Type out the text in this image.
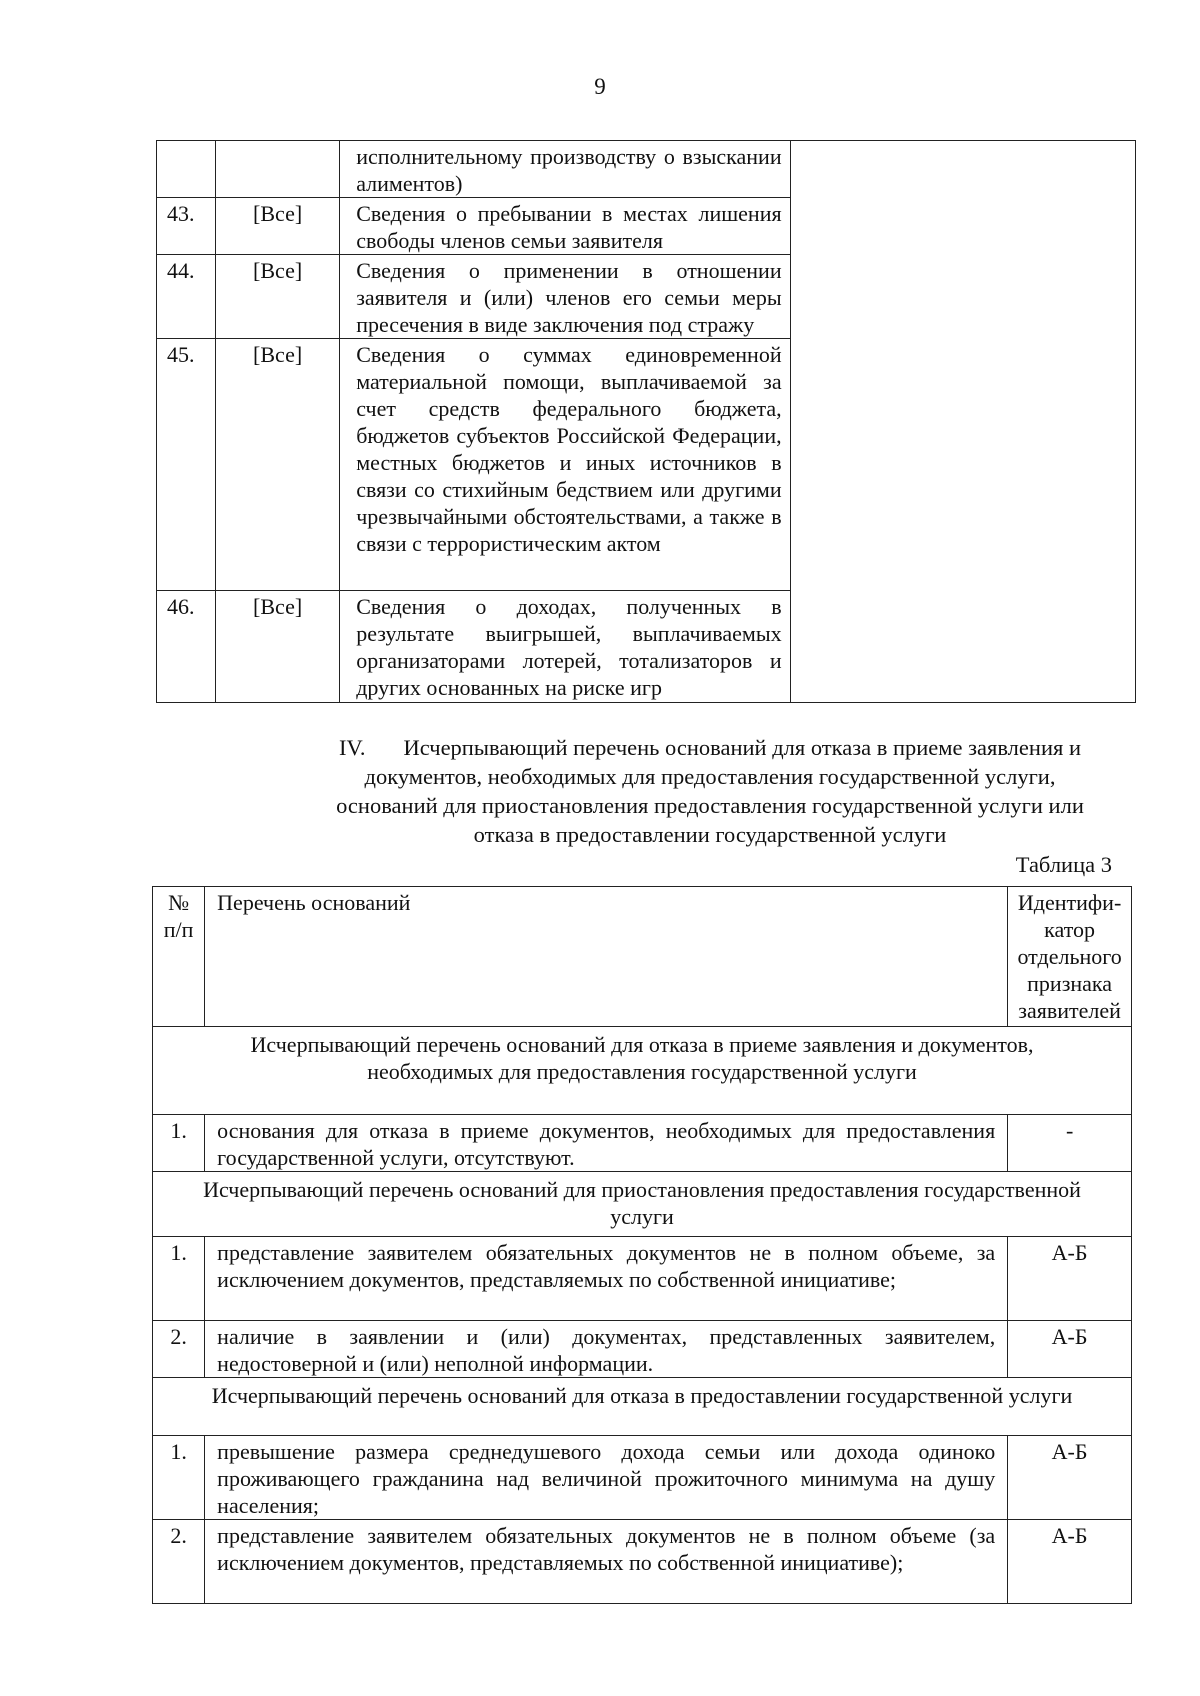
9
		исполнительному производству о взыскании алиментов)	
43.	[Все]	Сведения о пребывании в местах лишения свободы членов семьи заявителя	
44.	[Все]	Сведения о применении в отношении заявителя и (или) членов его семьи меры пресечения в виде заключения под стражу	
45.	[Все]	Сведения о суммах единовременной материальной помощи, выплачиваемой за счет средств федерального бюджета, бюджетов субъектов Российской Федерации, местных бюджетов и иных источников в связи со стихийным бедствием или другими чрезвычайными обстоятельствами, а также в связи с террористическим актом	
46.	[Все]	Сведения о доходах, полученных в результате выигрышей, выплачиваемых организаторами лотерей, тотализаторов и других основанных на риске игр	
IV. Исчерпывающий перечень оснований для отказа в приеме заявления и
документов, необходимых для предоставления государственной услуги,
оснований для приостановления предоставления государственной услуги или
отказа в предоставлении государственной услуги
Таблица 3
№ п/п	Перечень оснований	Идентифи-катор отдельного признака заявителей
Исчерпывающий перечень оснований для отказа в приеме заявления и документов, необходимых для предоставления государственной услуги		
1.	основания для отказа в приеме документов, необходимых для предоставления государственной услуги, отсутствуют.	-
Исчерпывающий перечень оснований для приостановления предоставления государственной услуги		
1.	представление заявителем обязательных документов не в полном объеме, за исключением документов, представляемых по собственной инициативе;	А-Б
2.	наличие в заявлении и (или) документах, представленных заявителем, недостоверной и (или) неполной информации.	А-Б
Исчерпывающий перечень оснований для отказа в предоставлении государственной услуги		
1.	превышение размера среднедушевого дохода семьи или дохода одиноко проживающего гражданина над величиной прожиточного минимума на душу населения;	А-Б
2.	представление заявителем обязательных документов не в полном объеме (за исключением документов, представляемых по собственной инициативе);	А-Б
